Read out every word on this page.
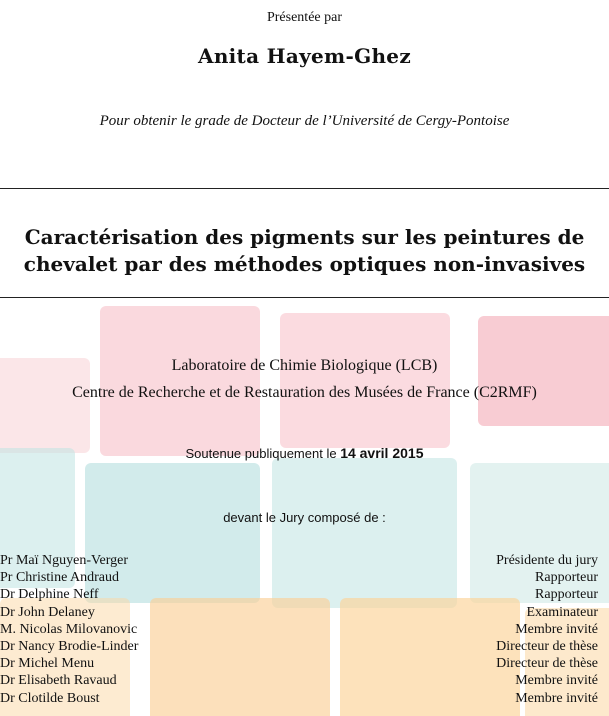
Présentée par
Anita Hayem-Ghez
Pour obtenir le grade de Docteur de l’Université de Cergy-Pontoise
Caractérisation des pigments sur les peintures de
chevalet par des méthodes optiques non-invasives
Laboratoire de Chimie Biologique (LCB)
Centre de Recherche et de Restauration des Musées de France (C2RMF)
Soutenue publiquement le 14 avril 2015
devant le Jury composé de :
Pr Maï Nguyen-Verger	Présidente du jury
Pr Christine Andraud	Rapporteur
Dr Delphine Neff	Rapporteur
Dr John Delaney	Examinateur
M. Nicolas Milovanovic	Membre invité
Dr Nancy Brodie-Linder	Directeur de thèse
Dr Michel Menu	Directeur de thèse
Dr Elisabeth Ravaud	Membre invité
Dr Clotilde Boust	Membre invité
